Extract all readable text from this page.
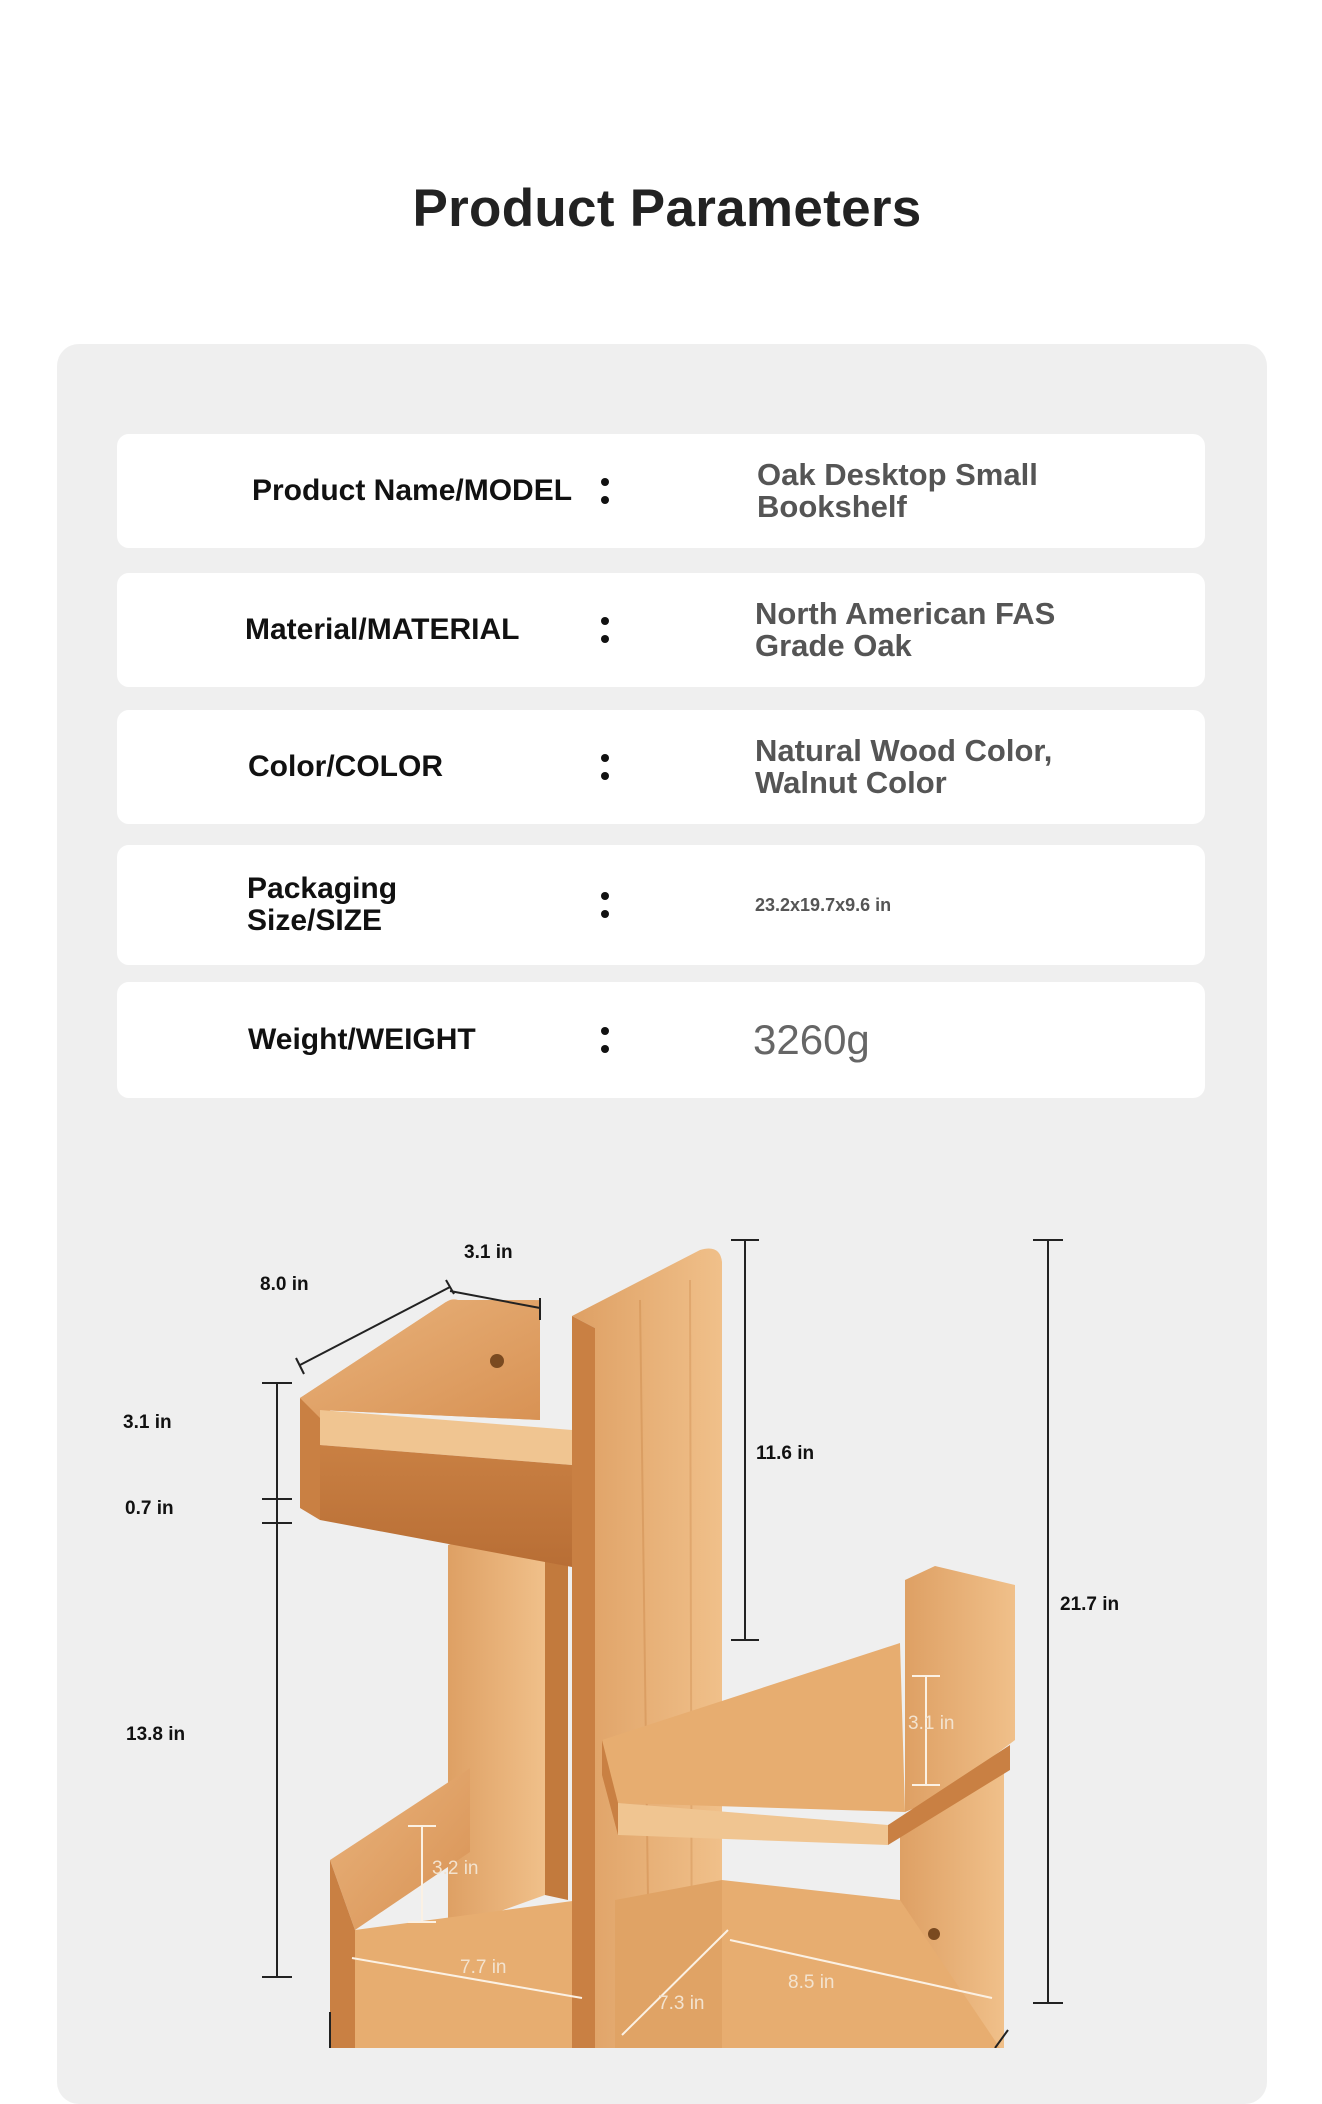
Product Parameters
Product Name/MODEL	Oak Desktop Small Bookshelf
Material/MATERIAL	North American FAS Grade Oak
Color/COLOR	Natural Wood Color, Walnut Color
Packaging Size/SIZE	23.2x19.7x9.6 in
Weight/WEIGHT	3260g
3.1 in
8.0 in
3.1 in
0.7 in
13.8 in
11.6 in
21.7 in
3.1 in
3.2 in
7.7 in
7.3 in
8.5 in
